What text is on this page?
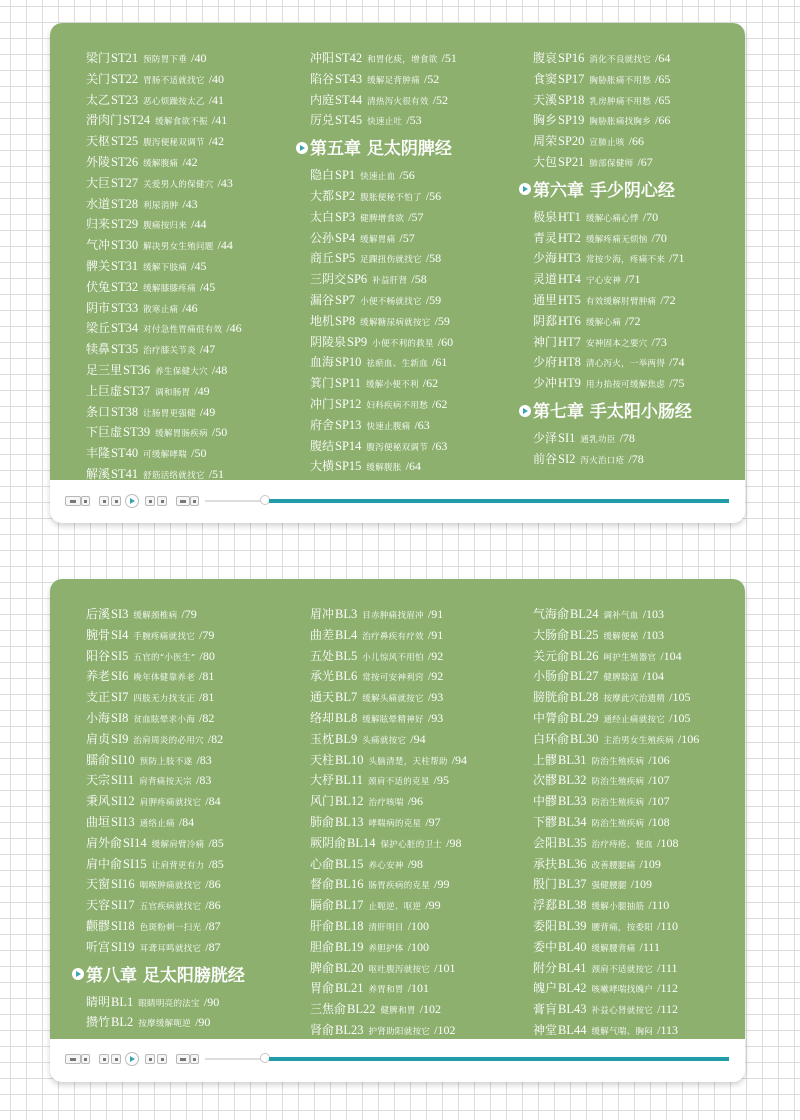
梁门ST21 预防胃下垂 /40
关门ST22 胃肠不适就找它 /40
太乙ST23 恶心烦躁按太乙 /41
滑肉门ST24 缓解食欲不振 /41
天枢ST25 腹泻便秘双调节 /42
外陵ST26 缓解腹痛 /42
大巨ST27 关爱男人的保健穴 /43
水道ST28 利尿消肿 /43
归来ST29 腹痛按归来 /44
气冲ST30 解决男女生殖问题 /44
髀关ST31 缓解下肢痛 /45
伏兔ST32 缓解膝膝疼痛 /45
阴市ST33 散寒止痛 /46
梁丘ST34 对付急性胃痛很有效 /46
犊鼻ST35 治疗膝关节炎 /47
足三里ST36 养生保健大穴 /48
上巨虚ST37 调和肠胃 /49
条口ST38 让肠胃更强健 /49
下巨虚ST39 缓解胃肠疾病 /50
丰隆ST40 可缓解哮喘 /50
解溪ST41 舒筋活络就找它 /51
冲阳ST42 和胃化痰，增食欲 /51
陷谷ST43 缓解足背肿痛 /52
内庭ST44 清热泻火很有效 /52
厉兑ST45 快速止吐 /53
第五章 足太阴脾经
隐白SP1 快速止血 /56
大都SP2 腹胀便秘不怕了 /56
太白SP3 健脾增食欲 /57
公孙SP4 缓解胃痛 /57
商丘SP5 足踝扭伤就找它 /58
三阴交SP6 补益肝肾 /58
漏谷SP7 小便不畅就找它 /59
地机SP8 缓解糖尿病就按它 /59
阴陵泉SP9 小便不利的救星 /60
血海SP10 祛瘀血、生新血 /61
箕门SP11 缓解小便不利 /62
冲门SP12 妇科疾病不用愁 /62
府舍SP13 快速止腹痛 /63
腹结SP14 腹泻便秘双调节 /63
大横SP15 缓解腹胀 /64
腹哀SP16 消化不良就找它 /64
食窦SP17 胸胁胀痛不用愁 /65
天溪SP18 乳房肿痛不用愁 /65
胸乡SP19 胸胁胀痛找胸乡 /66
周荣SP20 宣肺止咳 /66
大包SP21 肺部保健师 /67
第六章 手少阴心经
极泉HT1 缓解心痛心悸 /70
青灵HT2 缓解疼痛无烦恼 /70
少海HT3 常按少海，疼痛不来 /71
灵道HT4 宁心安神 /71
通里HT5 有效缓解肘臂肿痛 /72
阴郄HT6 缓解心痛 /72
神门HT7 安神固本之要穴 /73
少府HT8 清心泻火，一举两得 /74
少冲HT9 用力掐按可缓解焦虑 /75
第七章 手太阳小肠经
少泽SI1 通乳功臣 /78
前谷SI2 泻火治口疮 /78
后溪SI3 缓解颈椎病 /79
腕骨SI4 手腕疼痛就找它 /79
阳谷SI5 五官的“小医生” /80
养老SI6 晚年体健靠养老 /81
支正SI7 四肢无力找支正 /81
小海SI8 贫血眩晕求小海 /82
肩贞SI9 治肩周炎的必用穴 /82
臑俞SI10 预防上肢不遂 /83
天宗SI11 肩背痛按天宗 /83
秉风SI12 肩胛疼痛就找它 /84
曲垣SI13 通络止痛 /84
肩外俞SI14 缓解肩臂冷痛 /85
肩中俞SI15 让肩背更有力 /85
天窗SI16 咽喉肿痛就找它 /86
天容SI17 五官疾病就找它 /86
颧髎SI18 色斑粉刺一扫光 /87
听宫SI19 耳聋耳鸣就找它 /87
第八章 足太阳膀胱经
睛明BL1 眼睛明亮的法宝 /90
攒竹BL2 按摩缓解呃逆 /90
眉冲BL3 目赤肿痛找眉冲 /91
曲差BL4 治疗鼻疾有疗效 /91
五处BL5 小儿惊风不用怕 /92
承光BL6 常按可安神利窍 /92
通天BL7 缓解头痛就按它 /93
络却BL8 缓解眩晕精神好 /93
玉枕BL9 头痛就按它 /94
天柱BL10 头脑清楚，天柱帮助 /94
大杼BL11 颈肩不适的克星 /95
风门BL12 治疗咳喘 /96
肺俞BL13 哮喘病的克星 /97
厥阴俞BL14 保护心脏的卫士 /98
心俞BL15 养心安神 /98
督俞BL16 肠胃疾病的克星 /99
膈俞BL17 止呃逆、呕逆 /99
肝俞BL18 清肝明目 /100
胆俞BL19 养胆护体 /100
脾俞BL20 呕吐腹泻就按它 /101
胃俞BL21 养胃和胃 /101
三焦俞BL22 健脾和胃 /102
肾俞BL23 护肾助阳就按它 /102
气海俞BL24 调补气血 /103
大肠俞BL25 缓解便秘 /103
关元俞BL26 呵护生殖器官 /104
小肠俞BL27 健脾除湿 /104
膀胱俞BL28 按摩此穴治遗精 /105
中膂俞BL29 通经止痛就按它 /105
白环俞BL30 主治男女生殖疾病 /106
上髎BL31 防治生殖疾病 /106
次髎BL32 防治生殖疾病 /107
中髎BL33 防治生殖疾病 /107
下髎BL34 防治生殖疾病 /108
会阳BL35 治疗痔疮、便血 /108
承扶BL36 改善腰腿痛 /109
殷门BL37 强健腰腿 /109
浮郄BL38 缓解小腿抽筋 /110
委阳BL39 腰背痛，按委阳 /110
委中BL40 缓解腰背痛 /111
附分BL41 颈肩不适就按它 /111
魄户BL42 咳嗽哮喘找魄户 /112
膏肓BL43 补益心肾就按它 /112
神堂BL44 缓解气喘、胸闷 /113
